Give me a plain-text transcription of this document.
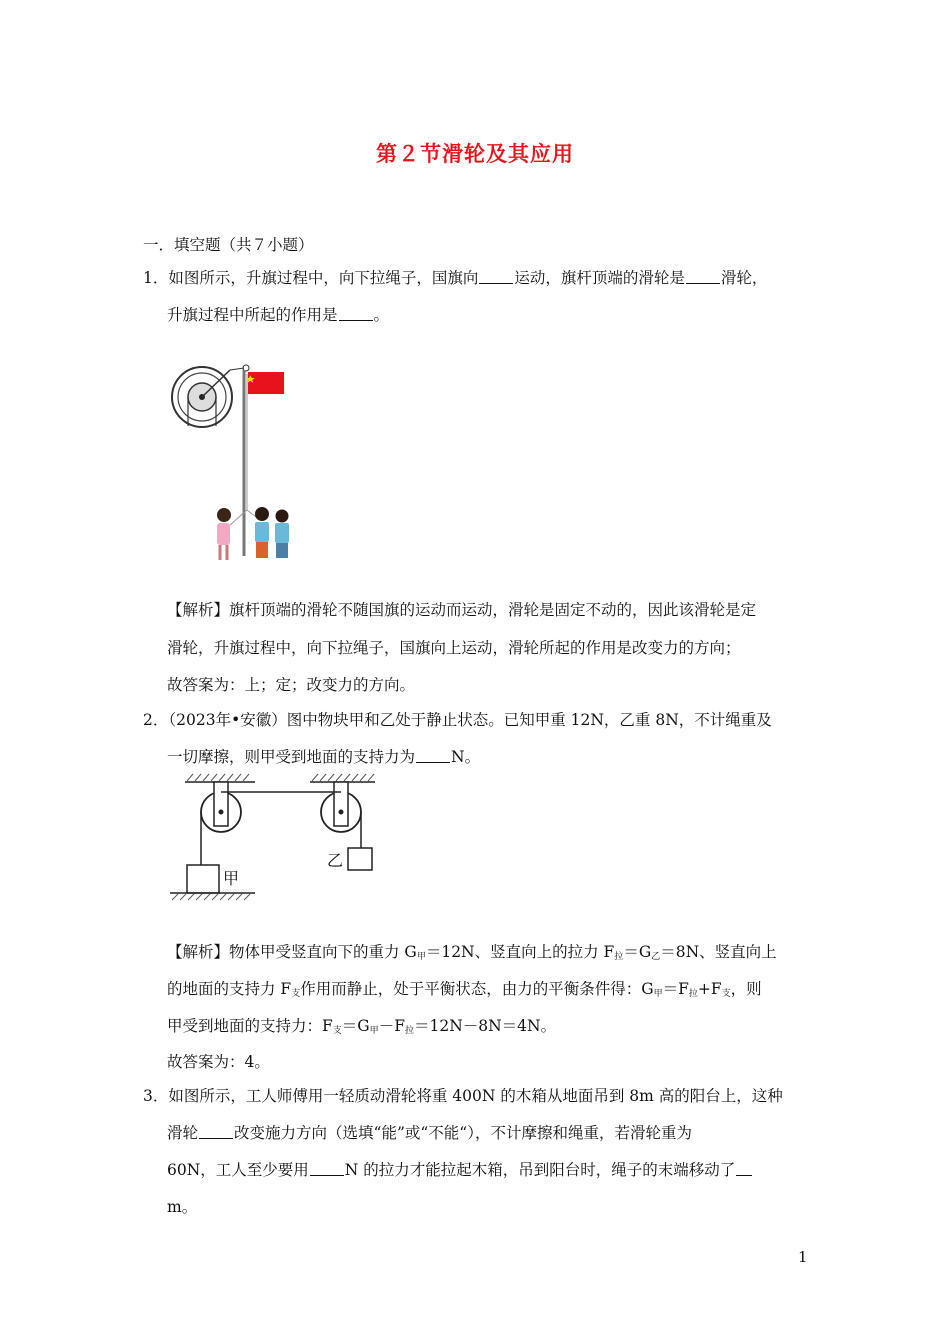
第２节滑轮及其应用
一．填空题（共７小题）
1．如图所示，升旗过程中，向下拉绳子，国旗向 运动，旗杆顶端的滑轮是 滑轮，
升旗过程中所起的作用是 。
【解析】旗杆顶端的滑轮不随国旗的运动而运动，滑轮是固定不动的，因此该滑轮是定
滑轮，升旗过程中，向下拉绳子，国旗向上运动，滑轮所起的作用是改变力的方向；
故答案为：上；定；改变力的方向。
2．（2023年•安徽）图中物块甲和乙处于静止状态。已知甲重 12N，乙重 8N，不计绳重及
一切摩擦，则甲受到地面的支持力为 N。
甲
乙
【解析】物体甲受竖直向下的重力 $G_甲=12N$、竖直向上的拉力 $F_拉=G_乙=8N$、竖直向上
的地面的支持力 $F_支$作用而静止，处于平衡状态，由力的平衡条件得：$G_甲=F_拉+F_支$，则
甲受到地面的支持力：$F_支=G_甲-F_拉=12N-8N=4N$。
故答案为：4。
3．如图所示，工人师傅用一轻质动滑轮将重 400N 的木箱从地面吊到 8m 高的阳台上，这种
滑轮 改变施力方向（选填“能”或“不能“），不计摩擦和绳重，若滑轮重为
60N，工人至少要用 N 的拉力才能拉起木箱，吊到阳台时，绳子的末端移动了
m。
1
